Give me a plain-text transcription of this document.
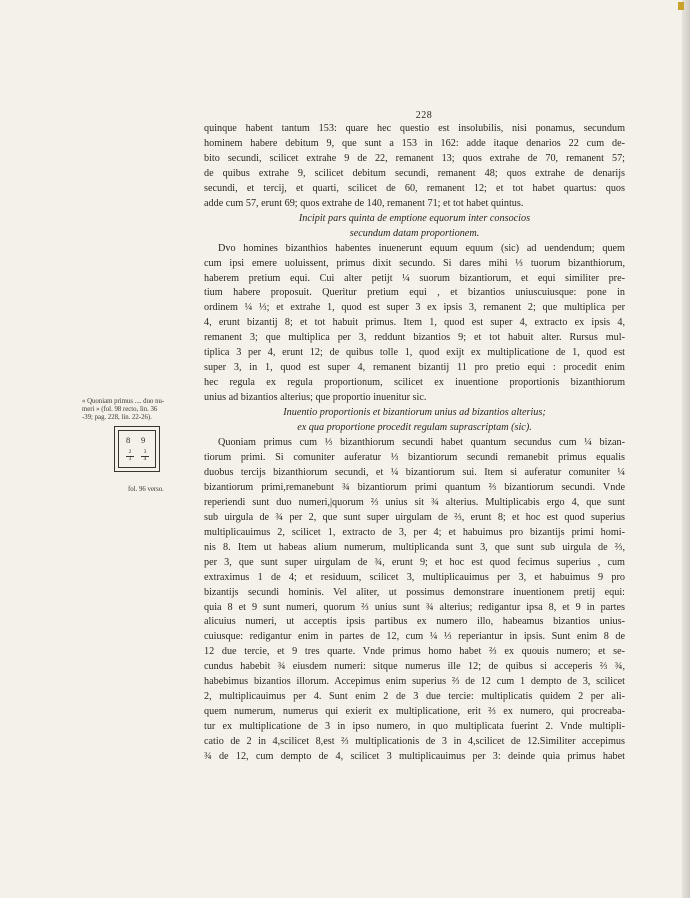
228

quinque habent tantum 153: quare hec questio est insolubilis, nisi ponamus, secundum

hominem habere debitum 9, que sunt a 153 in 162: adde itaque denarios 22 cum de-

bito secundi, scilicet extrahe 9 de 22, remanent 13; quos extrahe de 70, remanent 57;

de quibus extrahe 9, scilicet debitum secundi, remanent 48; quos extrahe de denarijs

secundi, et tercij, et quarti, scilicet de 60, remanent 12; et tot habet quartus: quos

adde cum 57, erunt 69; quos extrahe de 140, remanent 71; et tot habet quintus.

Incipit pars quinta de emptione equorum inter consocios

secundum datam proportionem.

Dvo homines bizanthios habentes inuenerunt equum equum (sic) ad uendendum; quem

cum ipsi emere uoluissent, primus dixit secundo. Si dares mihi ⅓ tuorum bizanthiorum,

haberem pretium equi. Cui alter petijt ¼ suorum bizantiorum, et equi similiter pre-

tium habere proposuit. Queritur pretium equi , et bizantios uniuscuiusque: pone in

ordinem ¼ ⅓; et extrahe 1, quod est super 3 ex ipsis 3, remanent 2; que multiplica per

4, erunt bizantij 8; et tot habuit primus. Item 1, quod est super 4, extracto ex ipsis 4,

remanent 3; que multiplica per 3, reddunt bizantios 9; et tot habuit alter. Rursus mul-

tiplica 3 per 4, erunt 12; de quibus tolle 1, quod exijt ex multiplicatione de 1, quod est

super 3, in 1, quod est super 4, remanent bizantij 11 pro pretio equi : procedit enim

hec regula ex regula proportionum, scilicet ex inuentione proportionis bizanthiorum

unius ad bizantios alterius; que proportio inuenitur sic.

Inuentio proportionis et bizantiorum unius ad bizantios alterius;

ex qua proportione procedit regulam suprascriptam (sic).

Quoniam primus cum ⅓ bizanthiorum secundi habet quantum secundus cum ¼ bizan-

tiorum primi. Si comuniter auferatur ⅓ bizantiorum secundi remanebit primus equalis

duobus tercijs bizanthiorum secundi, et ¼ bizantiorum sui. Item si auferatur comuniter ¼

bizantiorum primi,remanebunt ¾ bizantiorum primi quantum ⅔ bizantiorum secundi. Vnde

reperiendi sunt duo numeri,|quorum ⅔ unius sit ¾ alterius. Multiplicabis ergo 4, que sunt

sub uirgula de ¾ per 2, que sunt super uirgulam de ⅔, erunt 8; et hoc est quod superius

multiplicauimus 2, scilicet 1, extracto de 3, per 4; et habuimus pro bizantijs primi homi-

nis 8. Item ut habeas alium numerum, multiplicanda sunt 3, que sunt sub uirgula de ⅔,

per 3, que sunt super uirgulam de ¾, erunt 9; et hoc est quod fecimus superius , cum

extraximus 1 de 4; et residuum, scilicet 3, multiplicauimus per 3, et habuimus 9 pro

bizantijs secundi hominis. Vel aliter, ut possimus demonstrare inuentionem pretij equi:

quia 8 et 9 sunt numeri, quorum ⅔ unius sunt ¾ alterius; redigantur ipsa 8, et 9 in partes

alicuius numeri, ut acceptis ipsis partibus ex numero illo, habeamus bizantios unius-

cuiusque: redigantur enim in partes de 12, cum ¼ ⅓ reperiantur in ipsis. Sunt enim 8 de

12 due tercie, et 9 tres quarte. Vnde primus homo habet ⅔ ex quouis numero; et se-

cundus habebit ¾ eiusdem numeri: sitque numerus ille 12; de quibus si acceperis ⅔ ¾,

habebimus bizantios illorum. Accepimus enim superius ⅔ de 12 cum 1 dempto de 3, scilicet

2, multiplicauimus per 4. Sunt enim 2 de 3 due tercie: multiplicatis quidem 2 per ali-

quem numerum, numerus qui exierit ex multiplicatione, erit ⅔ ex numero, qui procreaba-

tur ex multiplicatione de 3 in ipso numero, in quo multiplicata fuerint 2. Vnde multipli-

catio de 2 in 4,scilicet 8,est ⅔ multiplicationis de 3 in 4,scilicet de 12.Similiter accepimus

¾ de 12, cum dempto de 4, scilicet 3 multiplicauimus per 3: deinde quia primus habet

« Quoniam primus .... duo nu-

meri » (fol. 98 recto, lin. 36

-39; pag. 228, lin. 22-26).

8 9
$\frac{2}{3} \frac{3}{4}$
fol. 96 verso.
